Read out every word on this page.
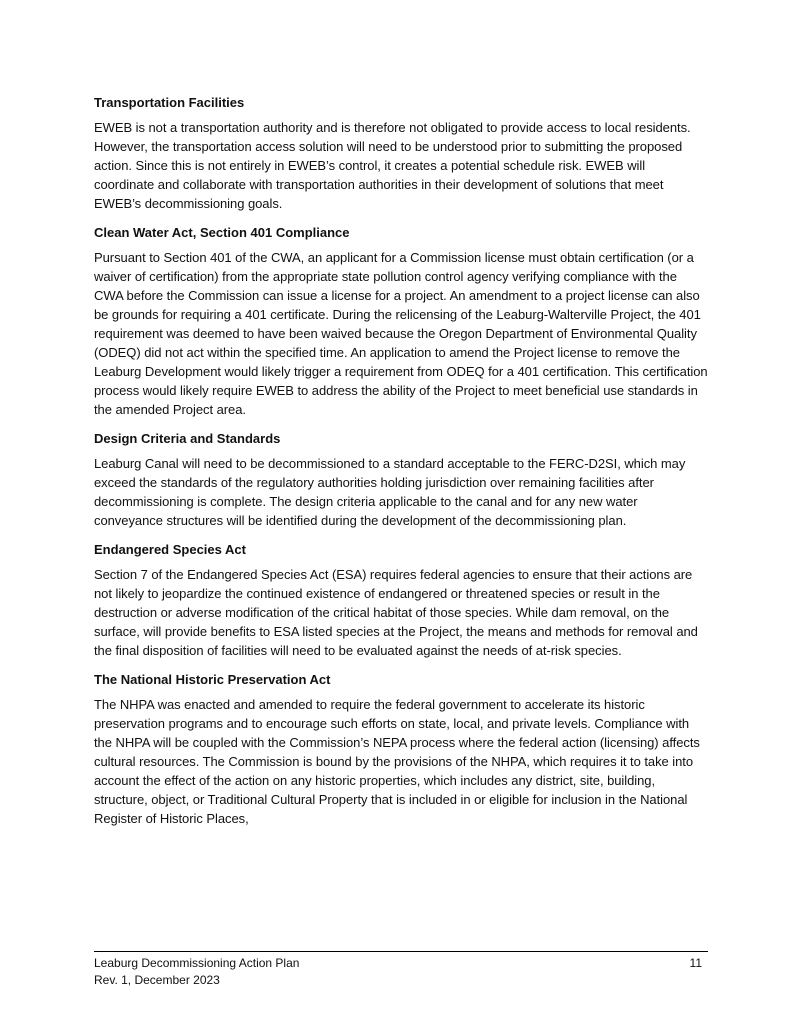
Transportation Facilities

EWEB is not a transportation authority and is therefore not obligated to provide access to local residents. However, the transportation access solution will need to be understood prior to submitting the proposed action. Since this is not entirely in EWEB’s control, it creates a potential schedule risk. EWEB will coordinate and collaborate with transportation authorities in their development of solutions that meet EWEB’s decommissioning goals.

Clean Water Act, Section 401 Compliance

Pursuant to Section 401 of the CWA, an applicant for a Commission license must obtain certification (or a waiver of certification) from the appropriate state pollution control agency verifying compliance with the CWA before the Commission can issue a license for a project. An amendment to a project license can also be grounds for requiring a 401 certificate. During the relicensing of the Leaburg-Walterville Project, the 401 requirement was deemed to have been waived because the Oregon Department of Environmental Quality (ODEQ) did not act within the specified time. An application to amend the Project license to remove the Leaburg Development would likely trigger a requirement from ODEQ for a 401 certification. This certification process would likely require EWEB to address the ability of the Project to meet beneficial use standards in the amended Project area.

Design Criteria and Standards

Leaburg Canal will need to be decommissioned to a standard acceptable to the FERC-D2SI, which may exceed the standards of the regulatory authorities holding jurisdiction over remaining facilities after decommissioning is complete. The design criteria applicable to the canal and for any new water conveyance structures will be identified during the development of the decommissioning plan.

Endangered Species Act

Section 7 of the Endangered Species Act (ESA) requires federal agencies to ensure that their actions are not likely to jeopardize the continued existence of endangered or threatened species or result in the destruction or adverse modification of the critical habitat of those species. While dam removal, on the surface, will provide benefits to ESA listed species at the Project, the means and methods for removal and the final disposition of facilities will need to be evaluated against the needs of at-risk species.

The National Historic Preservation Act

The NHPA was enacted and amended to require the federal government to accelerate its historic preservation programs and to encourage such efforts on state, local, and private levels. Compliance with the NHPA will be coupled with the Commission’s NEPA process where the federal action (licensing) affects cultural resources. The Commission is bound by the provisions of the NHPA, which requires it to take into account the effect of the action on any historic properties, which includes any district, site, building, structure, object, or Traditional Cultural Property that is included in or eligible for inclusion in the National Register of Historic Places,

Leaburg Decommissioning Action Plan
Rev. 1, December 2023
11
